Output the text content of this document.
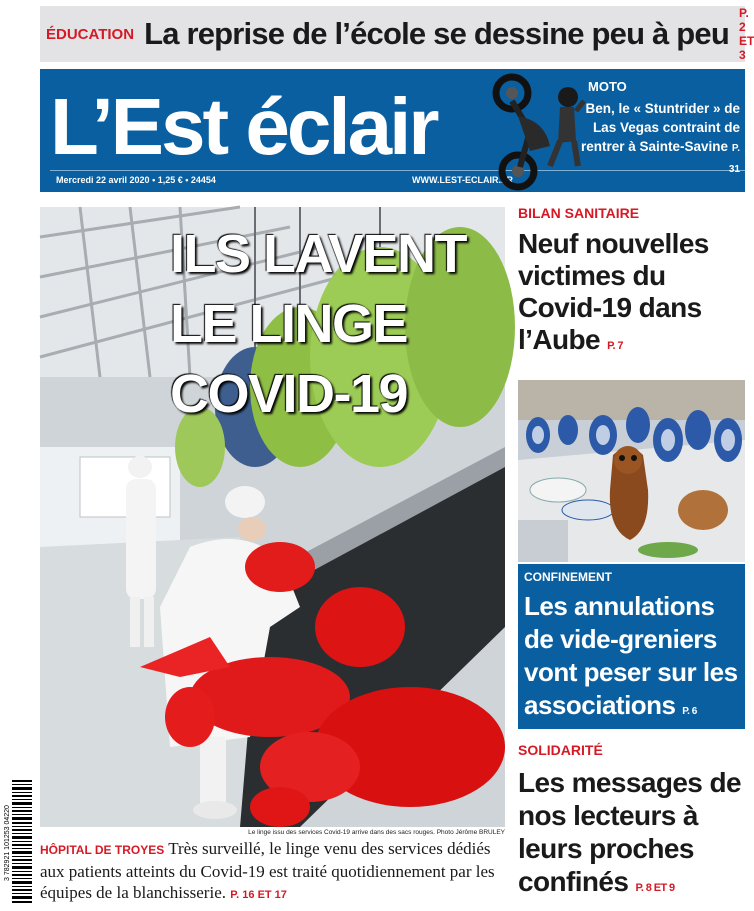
ÉDUCATION La reprise de l’école se dessine peu à peu
P. 2 ET 3
L’Est éclair
Mercredi 22 avril 2020 • 1,25 € • 24454	WWW.LEST-ECLAIR.FR
MOTO
Ben, le « Stuntrider » de Las Vegas contraint de rentrer à Sainte-Savine P. 31
ILS LAVENT
LE LINGE
COVID-19
Le linge issu des services Covid-19 arrive dans des sacs rouges. Photo Jérôme BRULEY
3 782921 101253 04220 HÔPITAL DE TROYES Très surveillé, le linge venu des services dédiés aux patients atteints du Covid-19 est traité quotidiennement par les équipes de la blanchisserie. P. 16 ET 17
BILAN SANITAIRE
Neuf nouvelles victimes du Covid-19 dans l’Aube P. 7
CONFINEMENT
Les annulations de vide-greniers vont peser sur les associations P. 6
SOLIDARITÉ
Les messages de nos lecteurs à leurs proches confinés P. 8 ET 9
